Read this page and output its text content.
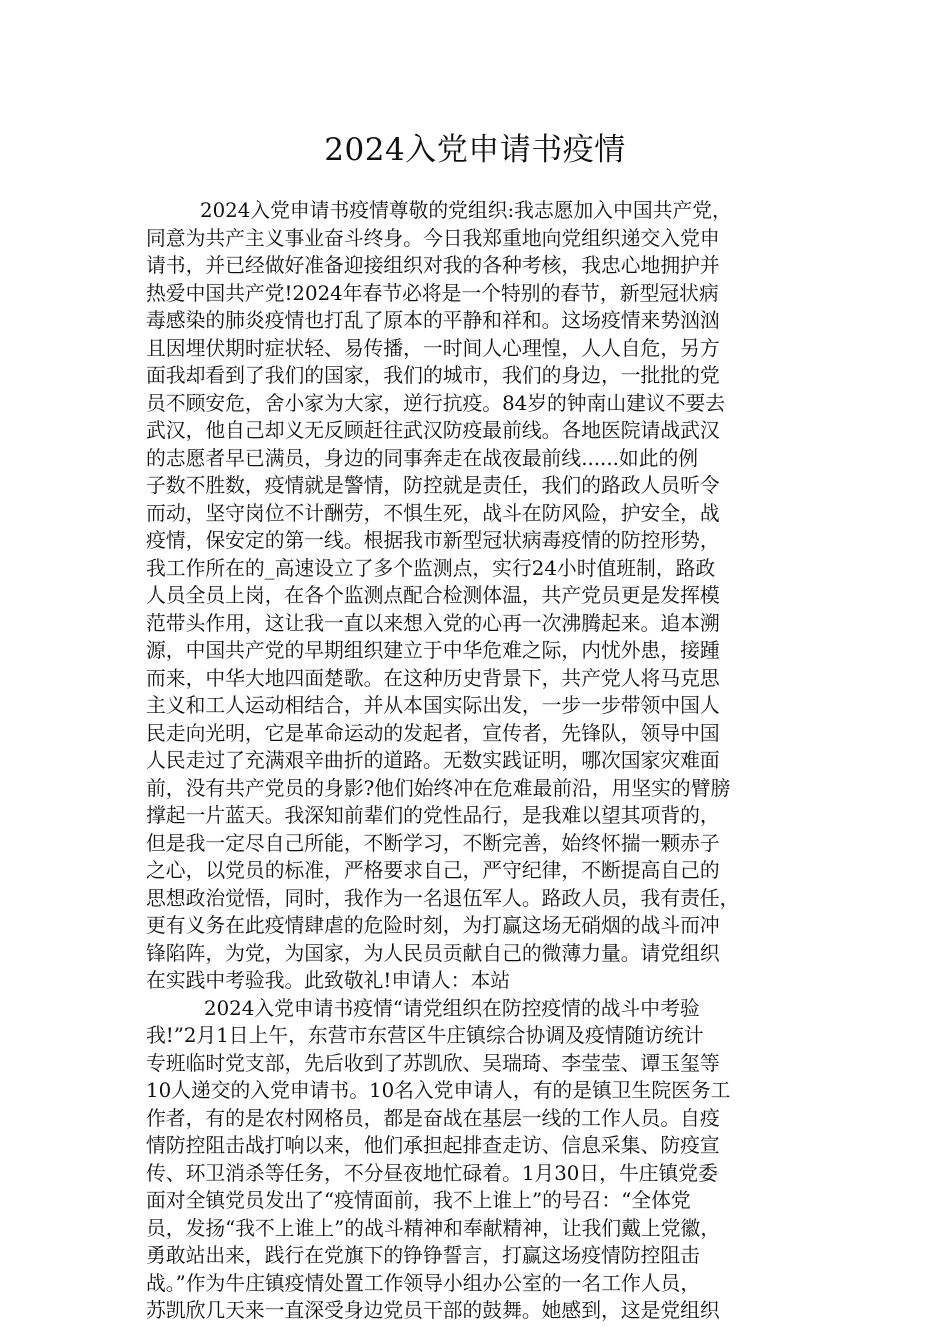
2024入党申请书疫情
2024入党申请书疫情尊敬的党组织:我志愿加入中国共产党，
同意为共产主义事业奋斗终身。今日我郑重地向党组织递交入党申
请书，并已经做好准备迎接组织对我的各种考核，我忠心地拥护并
热爱中国共产党!2024年春节必将是一个特别的春节，新型冠状病
毒感染的肺炎疫情也打乱了原本的平静和祥和。这场疫情来势汹汹
且因埋伏期时症状轻、易传播，一时间人心理惶，人人自危，另方
面我却看到了我们的国家，我们的城市，我们的身边，一批批的党
员不顾安危，舍小家为大家，逆行抗疫。84岁的钟南山建议不要去
武汉，他自己却义无反顾赶往武汉防疫最前线。各地医院请战武汉
的志愿者早已满员，身边的同事奔走在战夜最前线......如此的例
子数不胜数，疫情就是警情，防控就是责任，我们的路政人员听令
而动，坚守岗位不计酬劳，不惧生死，战斗在防风险，护安全，战
疫情，保安定的第一线。根据我市新型冠状病毒疫情的防控形势，
我工作所在的_高速设立了多个监测点，实行24小时值班制，路政
人员全员上岗，在各个监测点配合检测体温，共产党员更是发挥模
范带头作用，这让我一直以来想入党的心再一次沸腾起来。追本溯
源，中国共产党的早期组织建立于中华危难之际，内忧外患，接踵
而来，中华大地四面楚歌。在这种历史背景下，共产党人将马克思
主义和工人运动相结合，并从本国实际出发，一步一步带领中国人
民走向光明，它是革命运动的发起者，宣传者，先锋队，领导中国
人民走过了充满艰辛曲折的道路。无数实践证明，哪次国家灾难面
前，没有共产党员的身影?他们始终冲在危难最前沿，用坚实的臂膀
撑起一片蓝天。我深知前辈们的党性品行，是我难以望其项背的，
但是我一定尽自己所能，不断学习，不断完善，始终怀揣一颗赤子
之心，以党员的标准，严格要求自己，严守纪律，不断提高自己的
思想政治觉悟，同时，我作为一名退伍军人。路政人员，我有责任，
更有义务在此疫情肆虐的危险时刻，为打赢这场无硝烟的战斗而冲
锋陷阵，为党，为国家，为人民员贡献自己的微薄力量。请党组织
在实践中考验我。此致敬礼!申请人：本站
2024入党申请书疫情“请党组织在防控疫情的战斗中考验
我!”2月1日上午，东营市东营区牛庄镇综合协调及疫情随访统计
专班临时党支部，先后收到了苏凯欣、吴瑞琦、李莹莹、谭玉玺等
10人递交的入党申请书。10名入党申请人，有的是镇卫生院医务工
作者，有的是农村网格员，都是奋战在基层一线的工作人员。自疫
情防控阻击战打响以来，他们承担起排查走访、信息采集、防疫宣
传、环卫消杀等任务，不分昼夜地忙碌着。1月30日，牛庄镇党委
面对全镇党员发出了“疫情面前，我不上谁上”的号召：“全体党
员，发扬“我不上谁上”的战斗精神和奉献精神，让我们戴上党徽，
勇敢站出来，践行在党旗下的铮铮誓言，打赢这场疫情防控阻击
战。”作为牛庄镇疫情处置工作领导小组办公室的一名工作人员，
苏凯欣几天来一直深受身边党员干部的鼓舞。她感到，这是党组织
